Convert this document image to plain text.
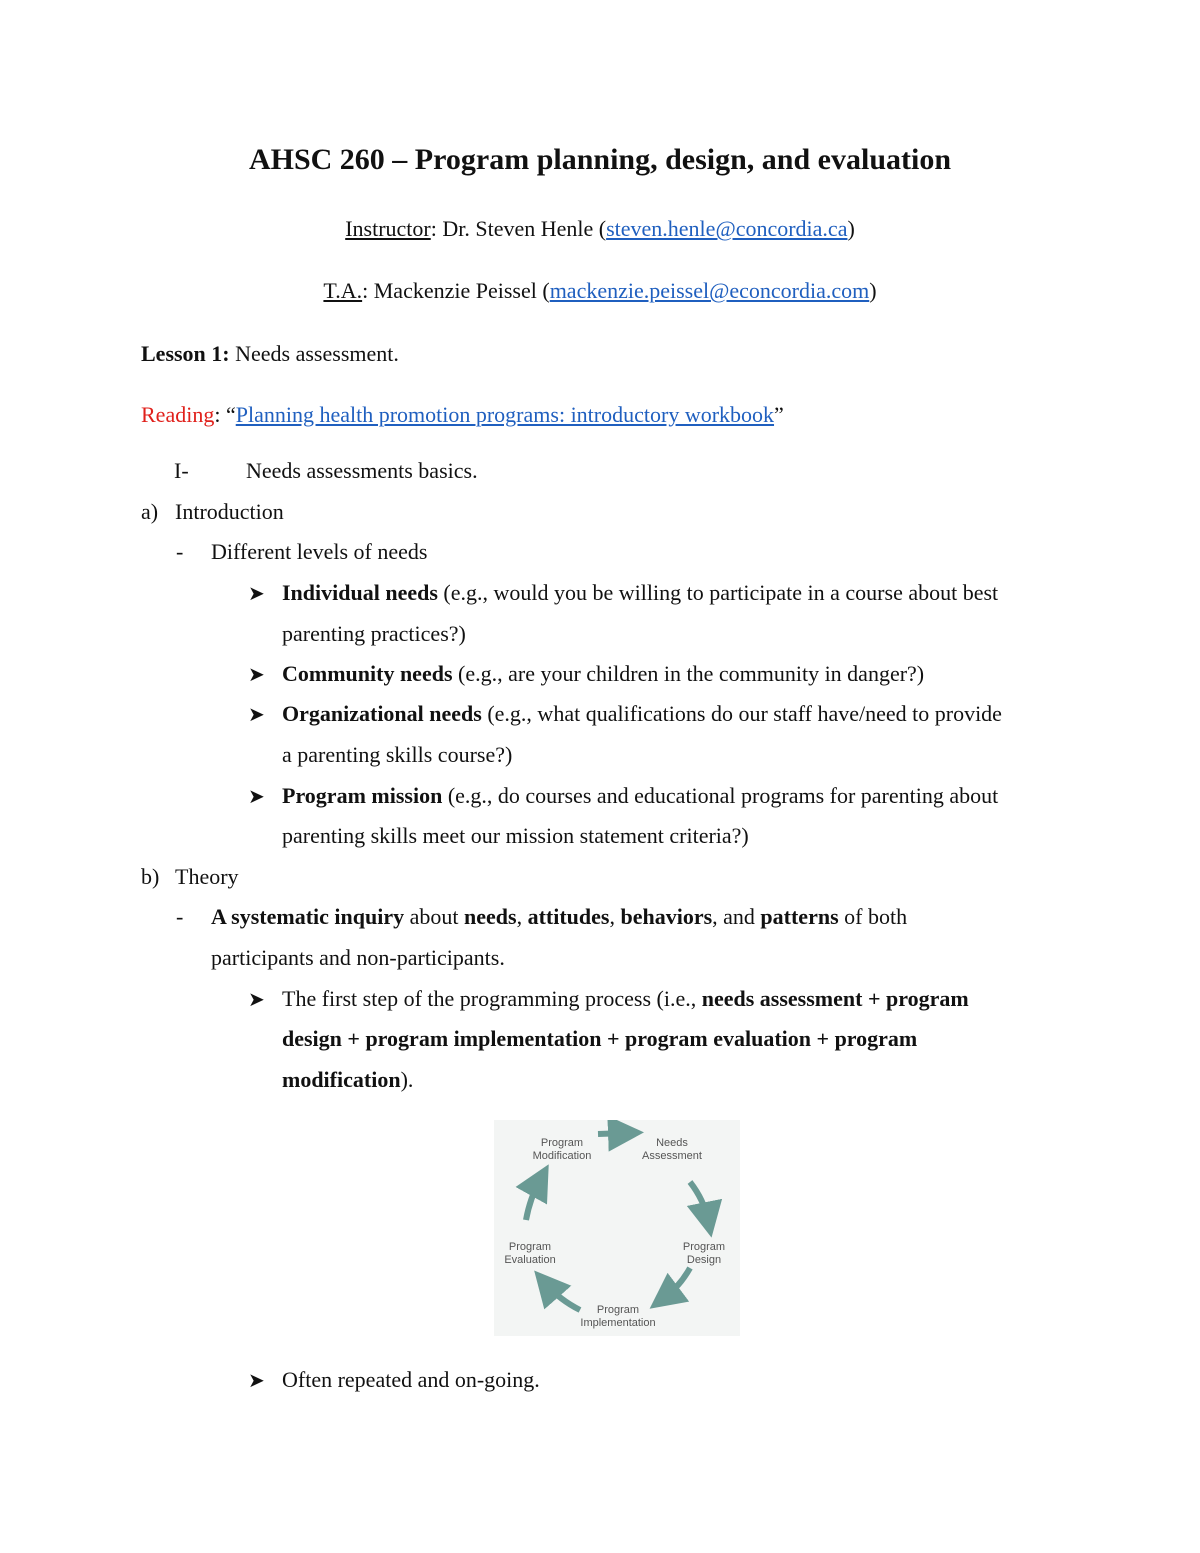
AHSC 260 – Program planning, design, and evaluation
Instructor: Dr. Steven Henle (steven.henle@concordia.ca)
T.A.: Mackenzie Peissel (mackenzie.peissel@econcordia.com)
Lesson 1: Needs assessment.
Reading: “Planning health promotion programs: introductory workbook”
I-	Needs assessments basics.
a) Introduction
- Different levels of needs
➤ Individual needs (e.g., would you be willing to participate in a course about best
parenting practices?)
➤ Community needs (e.g., are your children in the community in danger?)
➤ Organizational needs (e.g., what qualifications do our staff have/need to provide
a parenting skills course?)
➤ Program mission (e.g., do courses and educational programs for parenting about
parenting skills meet our mission statement criteria?)
b) Theory
- A systematic inquiry about needs, attitudes, behaviors, and patterns of both
participants and non-participants.
➤ The first step of the programming process (i.e., needs assessment + program
design + program implementation + program evaluation + program
modification).
Program
Modification
Needs
Assessment
Program
Design
Program
Implementation
Program
Evaluation
➤ Often repeated and on-going.
